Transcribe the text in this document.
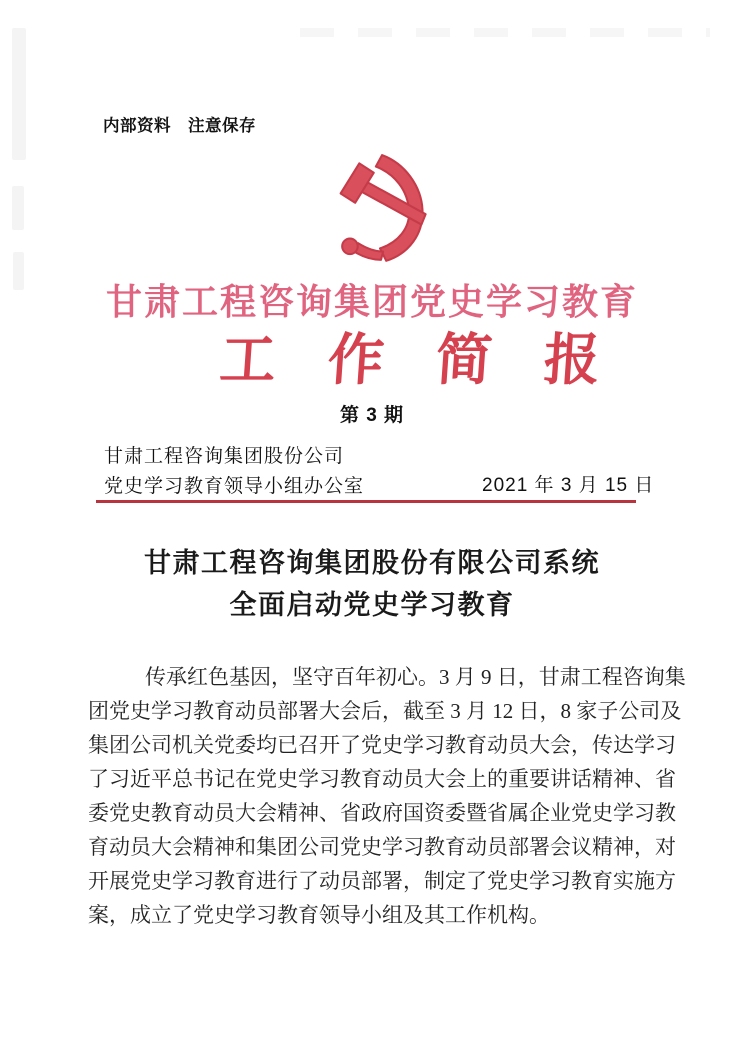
内部资料　注意保存
甘肃工程咨询集团党史学习教育
工 作 简 报
第 3 期
甘肃工程咨询集团股份公司
党史学习教育领导小组办公室	2021 年 3 月 15 日
甘肃工程咨询集团股份有限公司系统
全面启动党史学习教育
传承红色基因，坚守百年初心。3 月 9 日，甘肃工程咨询集
团党史学习教育动员部署大会后，截至 3 月 12 日，8 家子公司及
集团公司机关党委均已召开了党史学习教育动员大会，传达学习
了习近平总书记在党史学习教育动员大会上的重要讲话精神、省
委党史教育动员大会精神、省政府国资委暨省属企业党史学习教
育动员大会精神和集团公司党史学习教育动员部署会议精神，对
开展党史学习教育进行了动员部署，制定了党史学习教育实施方
案，成立了党史学习教育领导小组及其工作机构。
